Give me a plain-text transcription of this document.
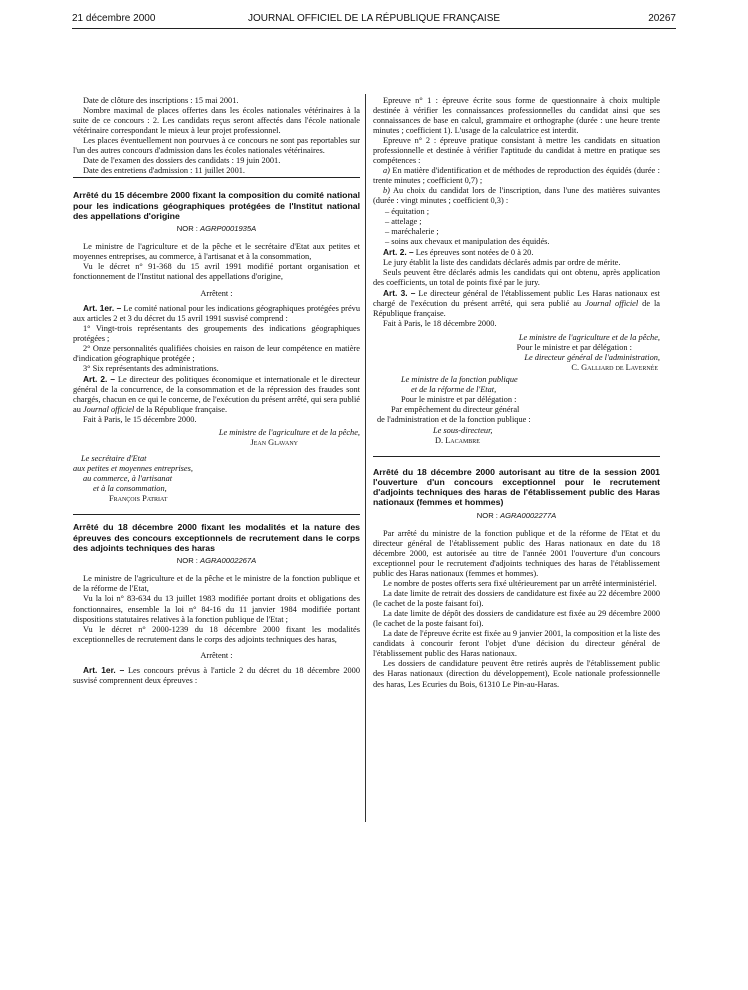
21 décembre 2000	JOURNAL OFFICIEL DE LA RÉPUBLIQUE FRANÇAISE	20267

Date de clôture des inscriptions : 15 mai 2001.

Nombre maximal de places offertes dans les écoles nationales vétérinaires à la suite de ce concours : 2. Les candidats reçus seront affectés dans l'école nationale vétérinaire correspondant le mieux à leur projet professionnel.

Les places éventuellement non pourvues à ce concours ne sont pas reportables sur l'un des autres concours d'admission dans les écoles nationales vétérinaires.

Date de l'examen des dossiers des candidats : 19 juin 2001.

Date des entretiens d'admission : 11 juillet 2001.

Arrêté du 15 décembre 2000 fixant la composition du comité national pour les indications géographiques protégées de l'Institut national des appellations d'origine

NOR : AGRP0001935A

Le ministre de l'agriculture et de la pêche et le secrétaire d'Etat aux petites et moyennes entreprises, au commerce, à l'artisanat et à la consommation,

Vu le décret n° 91-368 du 15 avril 1991 modifié portant organisation et fonctionnement de l'Institut national des appellations d'origine,

Arrêtent :

Art. 1er. – Le comité national pour les indications géographiques protégées prévu aux articles 2 et 3 du décret du 15 avril 1991 susvisé comprend :

1° Vingt-trois représentants des groupements des indications géographiques protégées ;

2° Onze personnalités qualifiées choisies en raison de leur compétence en matière d'indication géographique protégée ;

3° Six représentants des administrations.

Art. 2. – Le directeur des politiques économique et internationale et le directeur général de la concurrence, de la consommation et de la répression des fraudes sont chargés, chacun en ce qui le concerne, de l'exécution du présent arrêté, qui sera publié au Journal officiel de la République française.

Fait à Paris, le 15 décembre 2000.

Le ministre de l'agriculture et de la pêche,

Jean Glavany

Le secrétaire d'Etat

aux petites et moyennes entreprises,

au commerce, à l'artisanat

et à la consommation,

François Patriat

Arrêté du 18 décembre 2000 fixant les modalités et la nature des épreuves des concours exceptionnels de recrutement dans le corps des adjoints techniques des haras

NOR : AGRA0002267A

Le ministre de l'agriculture et de la pêche et le ministre de la fonction publique et de la réforme de l'Etat,

Vu la loi n° 83-634 du 13 juillet 1983 modifiée portant droits et obligations des fonctionnaires, ensemble la loi n° 84-16 du 11 janvier 1984 modifiée portant dispositions statutaires relatives à la fonction publique de l'Etat ;

Vu le décret n° 2000-1239 du 18 décembre 2000 fixant les modalités exceptionnelles de recrutement dans le corps des adjoints techniques des haras,

Arrêtent :

Art. 1er. – Les concours prévus à l'article 2 du décret du 18 décembre 2000 susvisé comprennent deux épreuves :

Epreuve n° 1 : épreuve écrite sous forme de questionnaire à choix multiple destinée à vérifier les connaissances professionnelles du candidat ainsi que ses connaissances de base en calcul, grammaire et orthographe (durée : une heure trente minutes ; coefficient 1). L'usage de la calculatrice est interdit.

Epreuve n° 2 : épreuve pratique consistant à mettre les candidats en situation professionnelle et destinée à vérifier l'aptitude du candidat à mettre en pratique ses compétences :

a) En matière d'identification et de méthodes de reproduction des équidés (durée : trente minutes ; coefficient 0,7) ;

b) Au choix du candidat lors de l'inscription, dans l'une des matières suivantes (durée : vingt minutes ; coefficient 0,3) :

– équitation ;

– attelage ;

– maréchalerie ;

– soins aux chevaux et manipulation des équidés.

Art. 2. – Les épreuves sont notées de 0 à 20.

Le jury établit la liste des candidats déclarés admis par ordre de mérite.

Seuls peuvent être déclarés admis les candidats qui ont obtenu, après application des coefficients, un total de points fixé par le jury.

Art. 3. – Le directeur général de l'établissement public Les Haras nationaux est chargé de l'exécution du présent arrêté, qui sera publié au Journal officiel de la République française.

Fait à Paris, le 18 décembre 2000.

Le ministre de l'agriculture et de la pêche,

Pour le ministre et par délégation :

Le directeur général de l'administration,

C. Galliard de Lavernée

Le ministre de la fonction publique

et de la réforme de l'Etat,

Pour le ministre et par délégation :

Par empêchement du directeur général

de l'administration et de la fonction publique :

Le sous-directeur,

D. Lacambre

Arrêté du 18 décembre 2000 autorisant au titre de la session 2001 l'ouverture d'un concours exceptionnel pour le recrutement d'adjoints techniques des haras de l'établissement public des Haras nationaux (femmes et hommes)

NOR : AGRA0002277A

Par arrêté du ministre de la fonction publique et de la réforme de l'Etat et du directeur général de l'établissement public des Haras nationaux en date du 18 décembre 2000, est autorisée au titre de l'année 2001 l'ouverture d'un concours exceptionnel pour le recrutement d'adjoints techniques des haras de l'établissement public des Haras nationaux (femmes et hommes).

Le nombre de postes offerts sera fixé ultérieurement par un arrêté interministériel.

La date limite de retrait des dossiers de candidature est fixée au 22 décembre 2000 (le cachet de la poste faisant foi).

La date limite de dépôt des dossiers de candidature est fixée au 29 décembre 2000 (le cachet de la poste faisant foi).

La date de l'épreuve écrite est fixée au 9 janvier 2001, la composition et la liste des candidats à concourir feront l'objet d'une décision du directeur général de l'établissement public des Haras nationaux.

Les dossiers de candidature peuvent être retirés auprès de l'établissement public des Haras nationaux (direction du développement), Ecole nationale professionnelle des haras, Les Ecuries du Bois, 61310 Le Pin-au-Haras.
